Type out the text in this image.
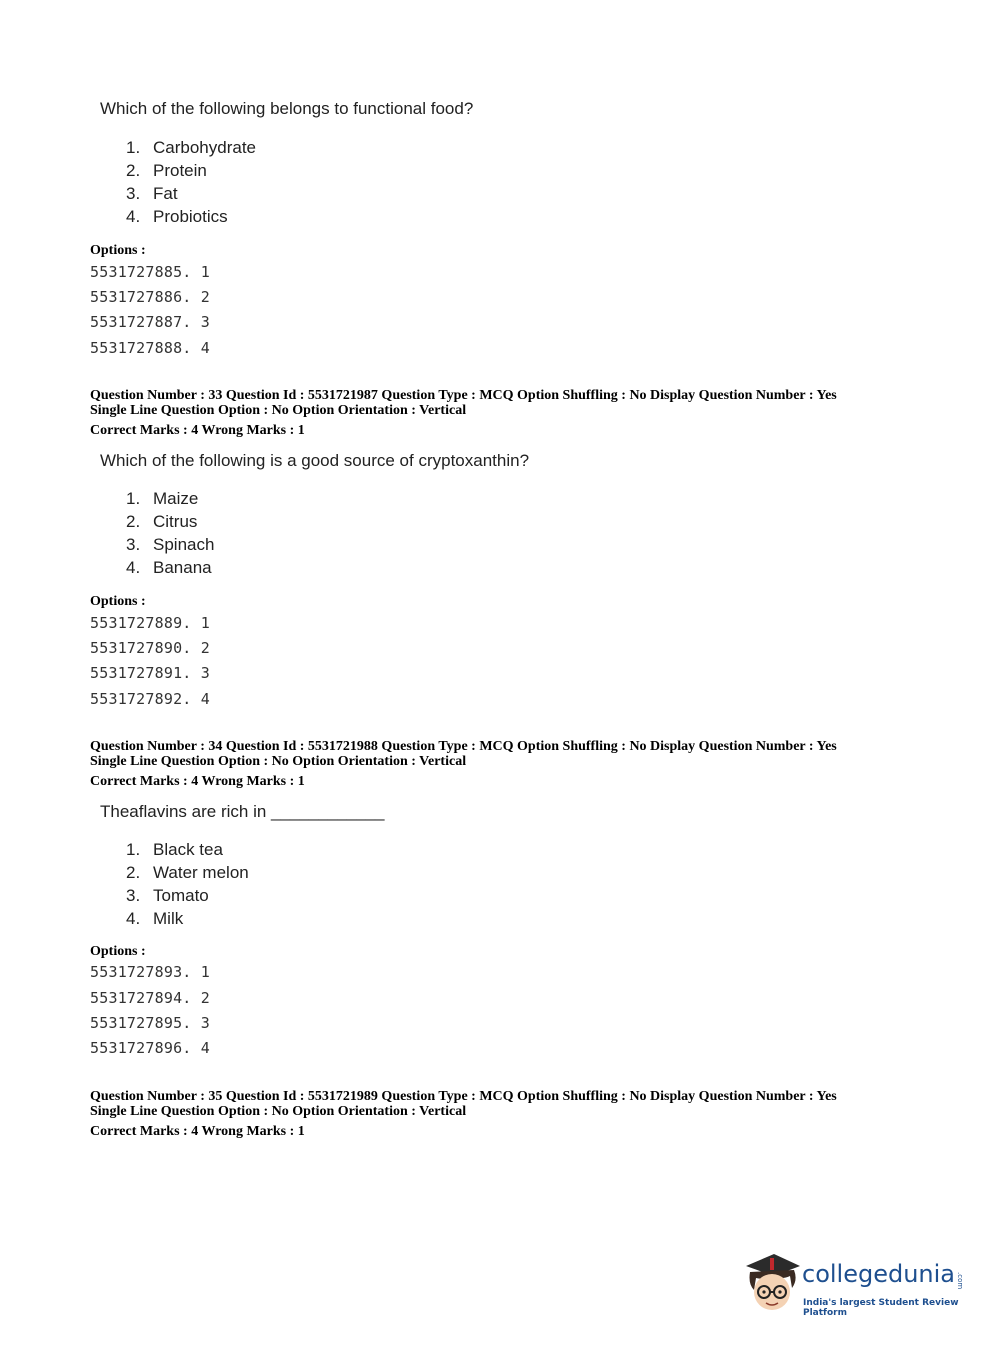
Which of the following belongs to functional food?
1. Carbohydrate
2. Protein
3. Fat
4. Probiotics
Options :
5531727885. 1
5531727886. 2
5531727887. 3
5531727888. 4
Question Number : 33 Question Id : 5531721987 Question Type : MCQ Option Shuffling : No Display Question Number : Yes
Single Line Question Option : No Option Orientation : Vertical
Correct Marks : 4 Wrong Marks : 1
Which of the following is a good source of cryptoxanthin?
1. Maize
2. Citrus
3. Spinach
4. Banana
Options :
5531727889. 1
5531727890. 2
5531727891. 3
5531727892. 4
Question Number : 34 Question Id : 5531721988 Question Type : MCQ Option Shuffling : No Display Question Number : Yes
Single Line Question Option : No Option Orientation : Vertical
Correct Marks : 4 Wrong Marks : 1
Theaflavins are rich in ____________
1. Black tea
2. Water melon
3. Tomato
4. Milk
Options :
5531727893. 1
5531727894. 2
5531727895. 3
5531727896. 4
Question Number : 35 Question Id : 5531721989 Question Type : MCQ Option Shuffling : No Display Question Number : Yes
Single Line Question Option : No Option Orientation : Vertical
Correct Marks : 4 Wrong Marks : 1
collegedunia .com
India's largest Student Review Platform
